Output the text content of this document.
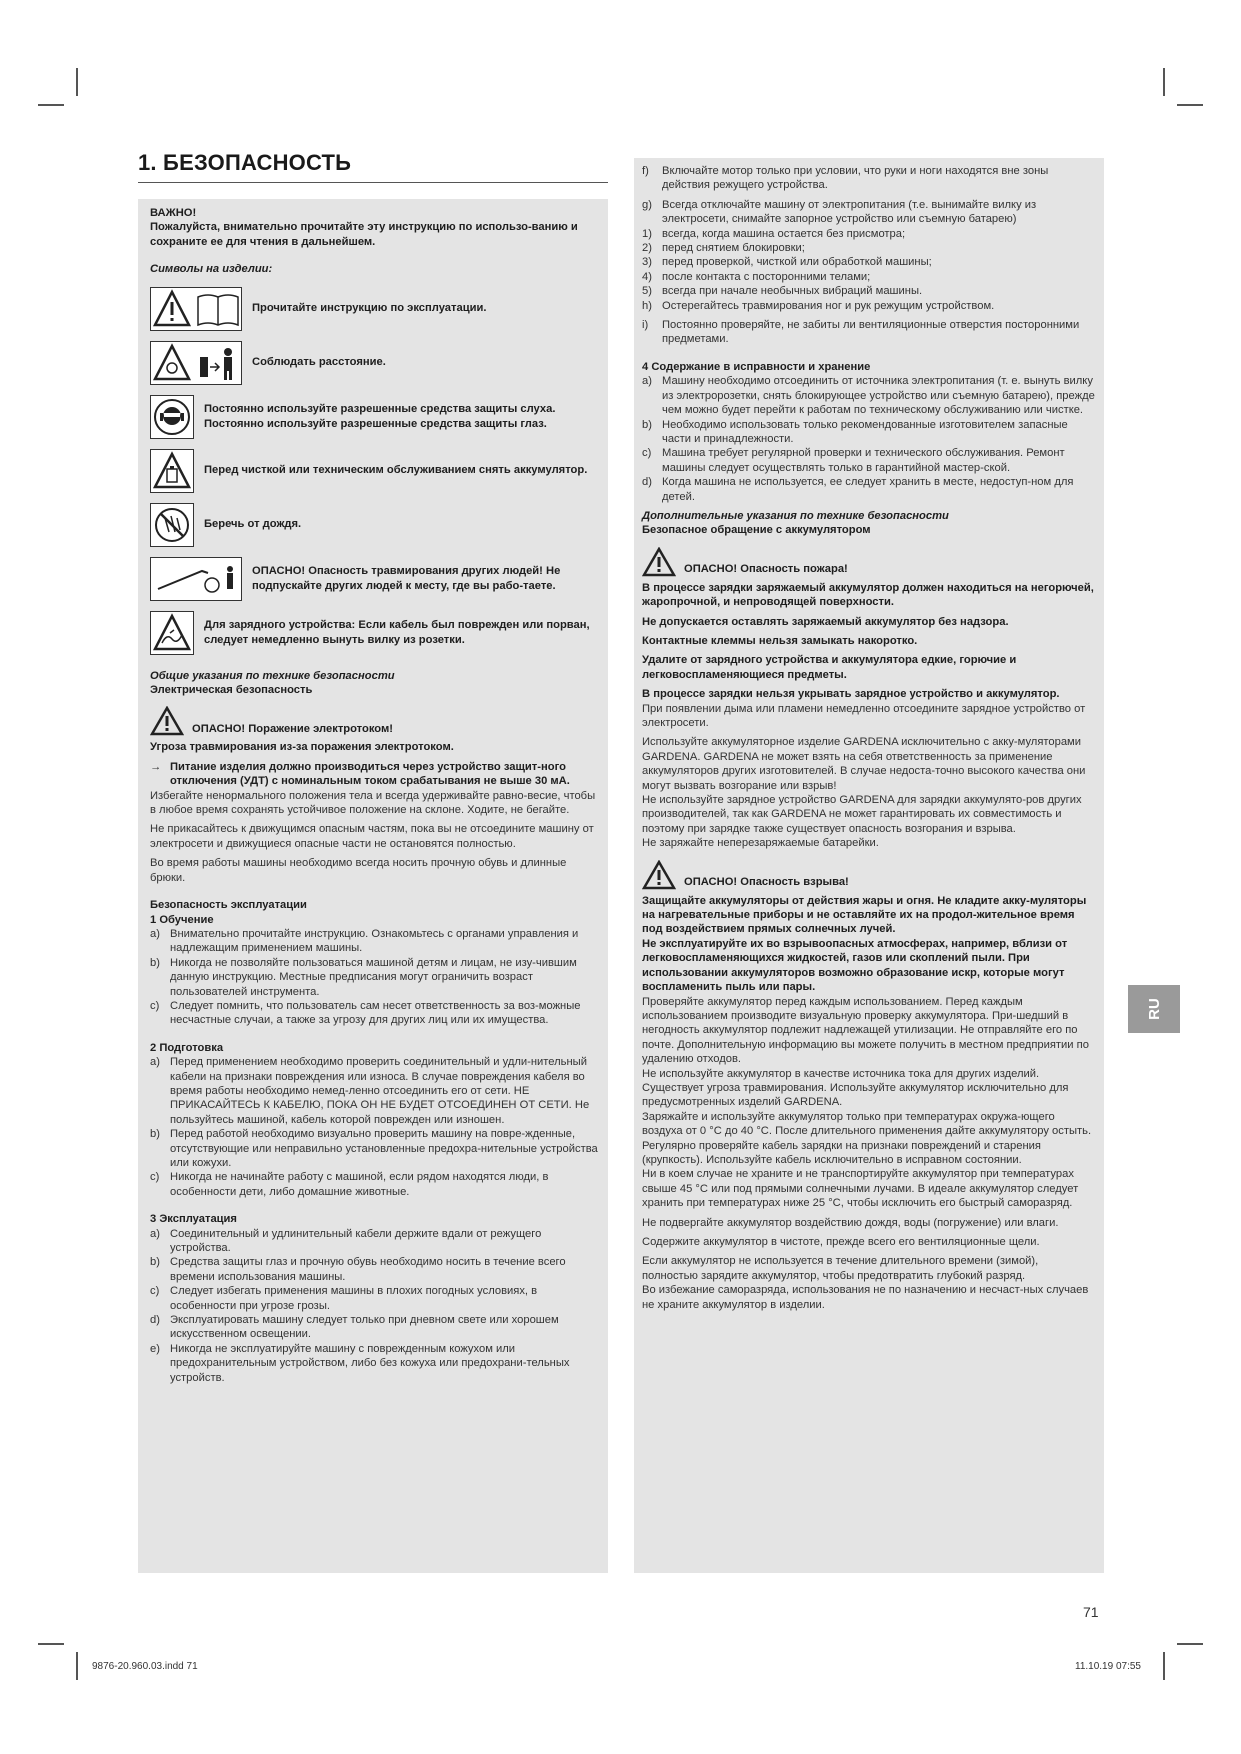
1. БЕЗОПАСНОСТЬ

ВАЖНО!

Пожалуйста, внимательно прочитайте эту инструкцию по использо-ванию и сохраните ее для чтения в дальнейшем.

Символы на изделии:

Прочитайте инструкцию по эксплуатации.
Соблюдать расстояние.
Постоянно используйте разрешенные средства защиты слуха. Постоянно используйте разрешенные средства защиты глаз.
Перед чисткой или техническим обслуживанием снять аккумулятор.
Беречь от дождя.
ОПАСНО! Опасность травмирования других людей! Не подпускайте других людей к месту, где вы рабо-таете.
Для зарядного устройства: Если кабель был поврежден или порван, следует немедленно вынуть вилку из розетки.

Общие указания по технике безопасности

Электрическая безопасность

ОПАСНО! Поражение электротоком!

Угроза травмирования из-за поражения электротоком.

→ Питание изделия должно производиться через устройство защит-ного отключения (УДТ) с номинальным током срабатывания не выше 30 мА.

Избегайте ненормального положения тела и всегда удерживайте равно-весие, чтобы в любое время сохранять устойчивое положение на склоне. Ходите, не бегайте.

Не прикасайтесь к движущимся опасным частям, пока вы не отсоедините машину от электросети и движущиеся опасные части не остановятся полностью.

Во время работы машины необходимо всегда носить прочную обувь и длинные брюки.

Безопасность эксплуатации

1 Обучение

a) Внимательно прочитайте инструкцию. Ознакомьтесь с органами управления и надлежащим применением машины.
b) Никогда не позволяйте пользоваться машиной детям и лицам, не изу-чившим данную инструкцию. Местные предписания могут ограничить возраст пользователей инструмента.
c) Следует помнить, что пользователь сам несет ответственность за воз-можные несчастные случаи, а также за угрозу для других лиц или их имущества.

2 Подготовка

a) Перед применением необходимо проверить соединительный и удли-нительный кабели на признаки повреждения или износа. В случае повреждения кабеля во время работы необходимо немед-ленно отсоединить его от сети. НЕ ПРИКАСАЙТЕСЬ К КАБЕЛЮ, ПОКА ОН НЕ БУДЕТ ОТСОЕДИНЕН ОТ СЕТИ. Не пользуйтесь машиной, кабель которой поврежден или изношен.
b) Перед работой необходимо визуально проверить машину на повре-жденные, отсутствующие или неправильно установленные предохра-нительные устройства или кожухи.
c) Никогда не начинайте работу с машиной, если рядом находятся люди, в особенности дети, либо домашние животные.

3 Эксплуатация

a) Соединительный и удлинительный кабели держите вдали от режущего устройства.
b) Средства защиты глаз и прочную обувь необходимо носить в течение всего времени использования машины.
c) Следует избегать применения машины в плохих погодных условиях, в особенности при угрозе грозы.
d) Эксплуатировать машину следует только при дневном свете или хорошем искусственном освещении.
e) Никогда не эксплуатируйте машину с поврежденным кожухом или предохранительным устройством, либо без кожуха или предохрани-тельных устройств.
f)	Включайте мотор только при условии, что руки и ноги находятся вне зоны действия режущего устройства.
g) Всегда отключайте машину от электропитания (т.е. вынимайте вилку из электросети, снимайте запорное устройство или съемную батарею)
1) всегда, когда машина остается без присмотра;
2) перед снятием блокировки;
3) перед проверкой, чисткой или обработкой машины;
4) после контакта с посторонними телами;
5) всегда при начале необычных вибраций машины.
h) Остерегайтесь травмирования ног и рук режущим устройством.
i)	Постоянно проверяйте, не забиты ли вентиляционные отверстия посторонними предметами.

4 Содержание в исправности и хранение

a) Машину необходимо отсоединить от источника электропитания (т. е. вынуть вилку из электророзетки, снять блокирующее устройство или съемную батарею), прежде чем можно будет перейти к работам по техническому обслуживанию или чистке.
b) Необходимо использовать только рекомендованные изготовителем запасные части и принадлежности.
c) Машина требует регулярной проверки и технического обслуживания. Ремонт машины следует осуществлять только в гарантийной мастер-ской.
d) Когда машина не используется, ее следует хранить в месте, недоступ-ном для детей.

Дополнительные указания по технике безопасности

Безопасное обращение с аккумулятором

ОПАСНО! Опасность пожара!

В процессе зарядки заряжаемый аккумулятор должен находиться на негорючей, жаропрочной, и непроводящей поверхности.

Не допускается оставлять заряжаемый аккумулятор без надзора.

Контактные клеммы нельзя замыкать накоротко.

Удалите от зарядного устройства и аккумулятора едкие, горючие и легковоспламеняющиеся предметы.

В процессе зарядки нельзя укрывать зарядное устройство и аккумулятор.

При появлении дыма или пламени немедленно отсоедините зарядное устройство от электросети.

Используйте аккумуляторное изделие GARDENA исключительно с акку-муляторами GARDENA. GARDENA не может взять на себя ответственность за применение аккумуляторов других изготовителей. В случае недоста-точно высокого качества они могут вызвать возгорание или взрыв!

Не используйте зарядное устройство GARDENA для зарядки аккумулято-ров других производителей, так как GARDENA не может гарантировать их совместимость и поэтому при зарядке также существует опасность возгорания и взрыва.

Не заряжайте неперезаряжаемые батарейки.

ОПАСНО! Опасность взрыва!

Защищайте аккумуляторы от действия жары и огня. Не кладите акку-муляторы на нагревательные приборы и не оставляйте их на продол-жительное время под воздействием прямых солнечных лучей.

Не эксплуатируйте их во взрывоопасных атмосферах, например, вблизи от легковоспламеняющихся жидкостей, газов или скоплений пыли. При использовании аккумуляторов возможно образование искр, которые могут воспламенить пыль или пары.

Проверяйте аккумулятор перед каждым использованием. Перед каждым использованием производите визуальную проверку аккумулятора. При-шедший в негодность аккумулятор подлежит надлежащей утилизации. Не отправляйте его по почте. Дополнительную информацию вы можете получить в местном предприятии по удалению отходов.

Не используйте аккумулятор в качестве источника тока для других изделий. Существует угроза травмирования. Используйте аккумулятор исключительно для предусмотренных изделий GARDENA.

Заряжайте и используйте аккумулятор только при температурах окружа-ющего воздуха от 0 °C до 40 °C. После длительного применения дайте аккумулятору остыть.

Регулярно проверяйте кабель зарядки на признаки повреждений и старения (крупкость). Используйте кабель исключительно в исправном состоянии.

Ни в коем случае не храните и не транспортируйте аккумулятор при температурах свыше 45 °C или под прямыми солнечными лучами. В идеале аккумулятор следует хранить при температурах ниже 25 °C, чтобы исключить его быстрый саморазряд.

Не подвергайте аккумулятор воздействию дождя, воды (погружение) или влаги.

Содержите аккумулятор в чистоте, прежде всего его вентиляционные щели.

Если аккумулятор не используется в течение длительного времени (зимой), полностью зарядите аккумулятор, чтобы предотвратить глубокий разряд.

Во избежание саморазряда, использования не по назначению и несчаст-ных случаев не храните аккумулятор в изделии.

RU
71
9876-20.960.03.indd 71	11.10.19 07:55
